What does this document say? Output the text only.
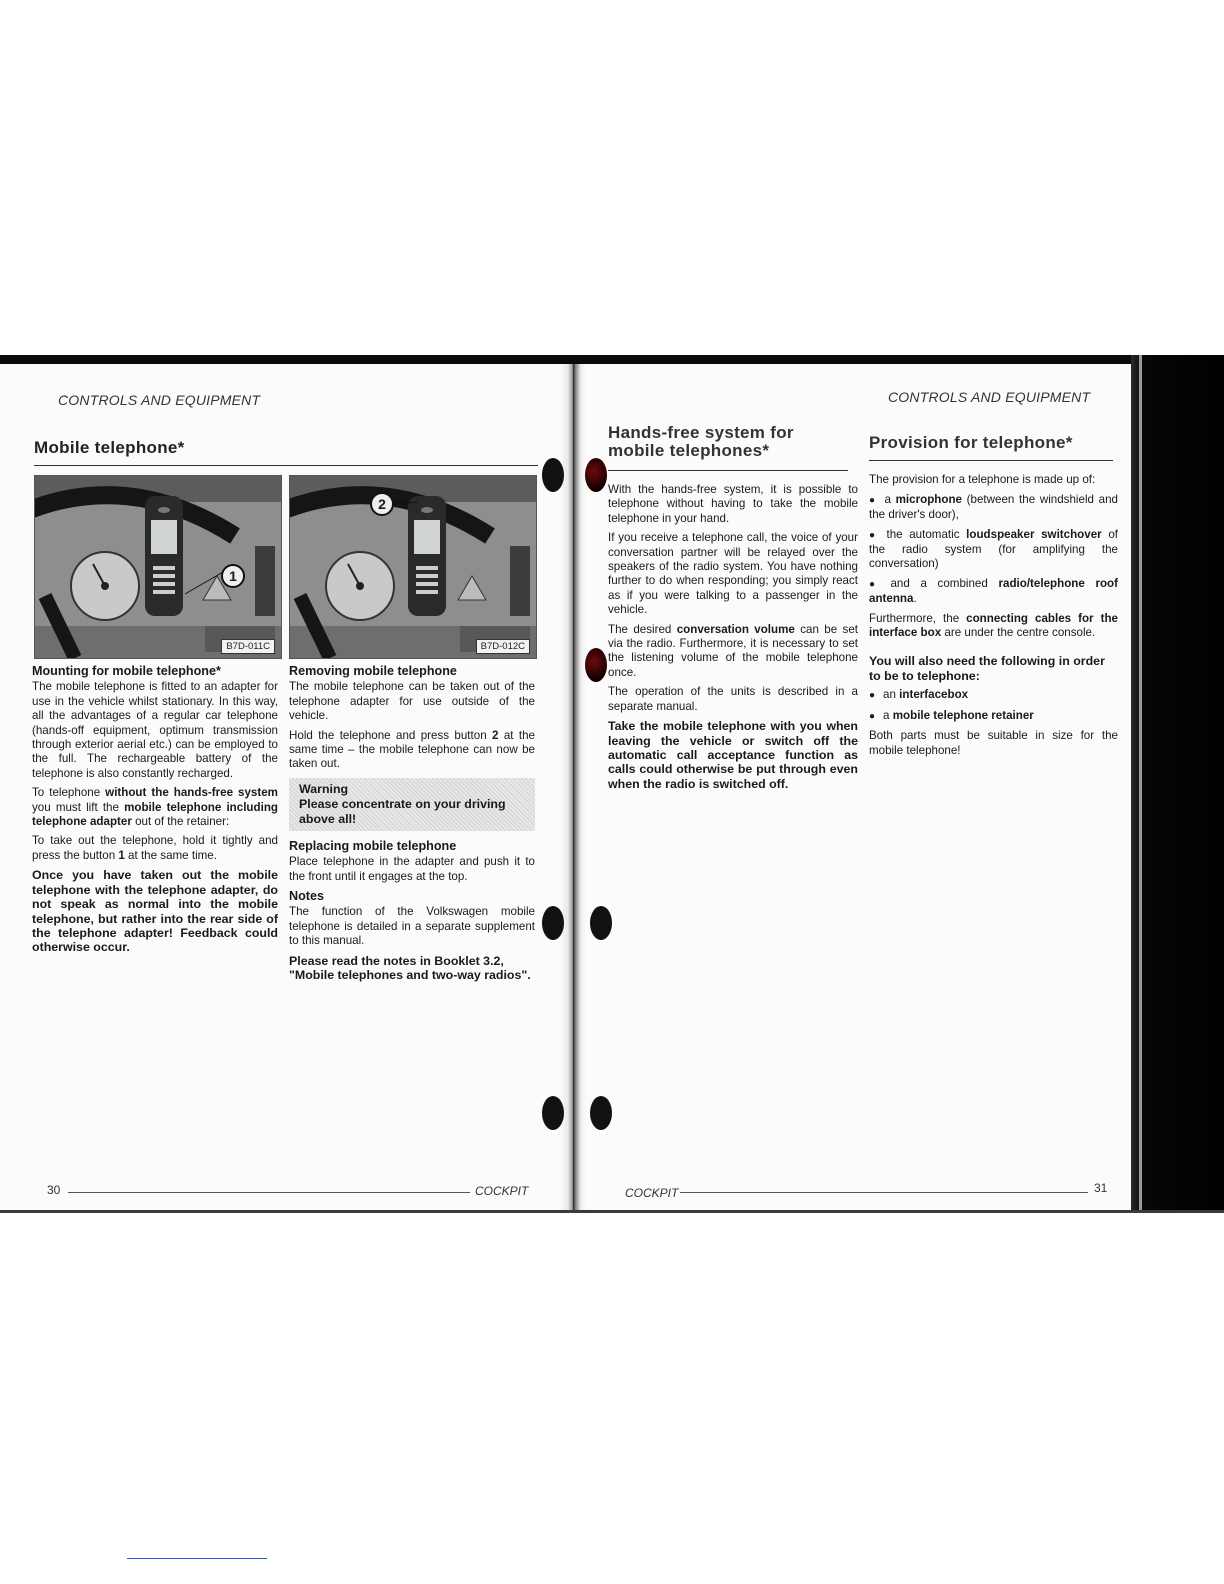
CONTROLS AND EQUIPMENT
Mobile telephone*
1
B7D-011C
2
B7D-012C

Mounting for mobile telephone*

The mobile telephone is fitted to an adapter for use in the vehicle whilst stationary. In this way, all the advantages of a regular car telephone (hands-off equipment, optimum transmission through exterior aerial etc.) can be employed to the full. The rechargeable battery of the telephone is also constantly recharged.

To telephone without the hands-free system you must lift the mobile telephone including telephone adapter out of the retainer:

To take out the telephone, hold it tightly and press the button 1 at the same time.

Once you have taken out the mobile telephone with the telephone adapter, do not speak as normal into the mobile telephone, but rather into the rear side of the telephone adapter! Feedback could otherwise occur.

Removing mobile telephone

The mobile telephone can be taken out of the telephone adapter for use outside of the vehicle.

Hold the telephone and press button 2 at the same time – the mobile telephone can now be taken out.

Warning
Please concentrate on your driving above all!

Replacing mobile telephone

Place telephone in the adapter and push it to the front until it engages at the top.

Notes

The function of the Volkswagen mobile telephone is detailed in a separate supplement to this manual.

Please read the notes in Booklet 3.2, "Mobile telephones and two-way radios".

30	COCKPIT
CONTROLS AND EQUIPMENT
Hands-free system for mobile telephones*

With the hands-free system, it is possible to telephone without having to take the mobile telephone in your hand.

If you receive a telephone call, the voice of your conversation partner will be relayed over the speakers of the radio system. You have nothing further to do when responding; you simply react as if you were talking to a passenger in the vehicle.

The desired conversation volume can be set via the radio. Furthermore, it is necessary to set the listening volume of the mobile telephone once.

The operation of the units is described in a separate manual.

Take the mobile telephone with you when leaving the vehicle or switch off the automatic call acceptance function as calls could otherwise be put through even when the radio is switched off.

Provision for telephone*

The provision for a telephone is made up of:

● a microphone (between the windshield and the driver's door),

● the automatic loudspeaker switchover of the radio system (for amplifying the conversation)

● and a combined radio/telephone roof antenna.

Furthermore, the connecting cables for the interface box are under the centre console.

You will also need the following in order to be to telephone:

● an interfacebox

● a mobile telephone retainer

Both parts must be suitable in size for the mobile telephone!

COCKPIT	31
